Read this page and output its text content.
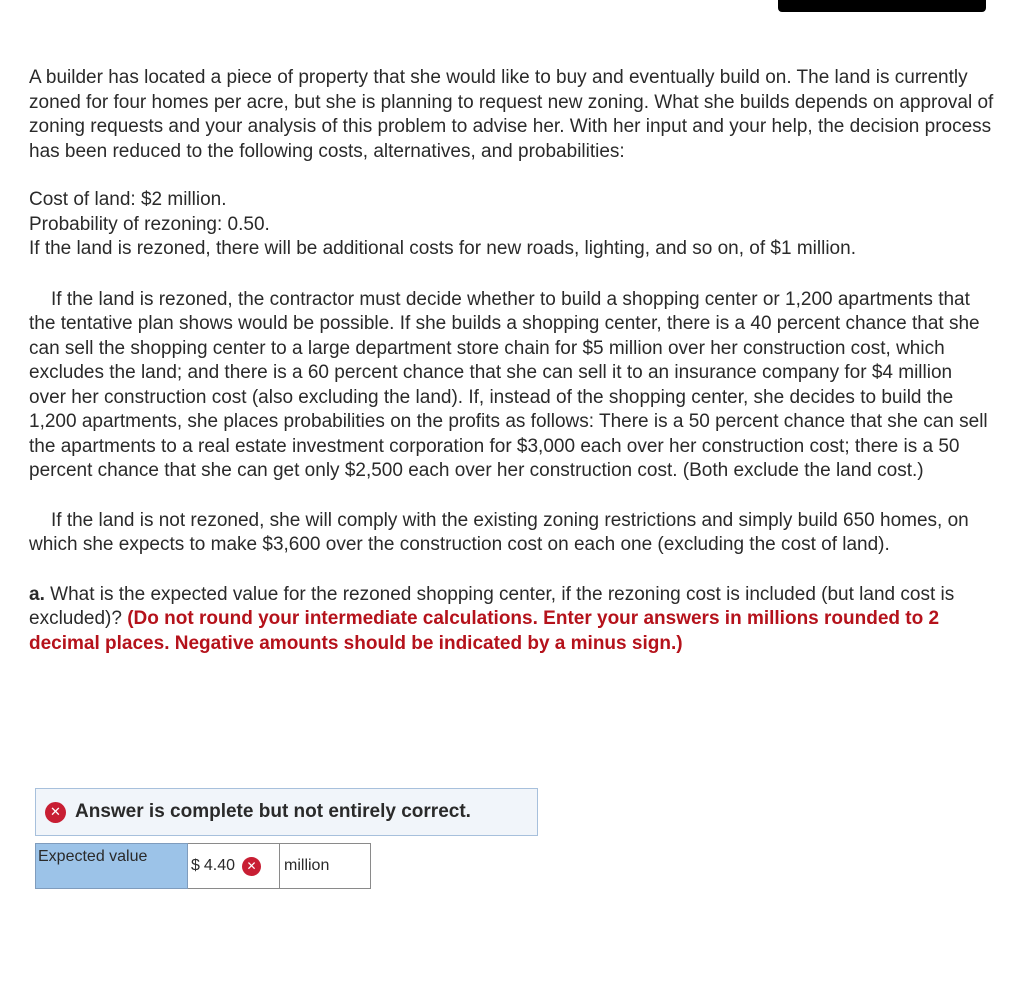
A builder has located a piece of property that she would like to buy and eventually build on. The land is currently zoned for four homes per acre, but she is planning to request new zoning. What she builds depends on approval of zoning requests and your analysis of this problem to advise her. With her input and your help, the decision process has been reduced to the following costs, alternatives, and probabilities:

Cost of land: $2 million.

Probability of rezoning: 0.50.

If the land is rezoned, there will be additional costs for new roads, lighting, and so on, of $1 million.

If the land is rezoned, the contractor must decide whether to build a shopping center or 1,200 apartments that the tentative plan shows would be possible. If she builds a shopping center, there is a 40 percent chance that she can sell the shopping center to a large department store chain for $5 million over her construction cost, which excludes the land; and there is a 60 percent chance that she can sell it to an insurance company for $4 million over her construction cost (also excluding the land). If, instead of the shopping center, she decides to build the 1,200 apartments, she places probabilities on the profits as follows: There is a 50 percent chance that she can sell the apartments to a real estate investment corporation for $3,000 each over her construction cost; there is a 50 percent chance that she can get only $2,500 each over her construction cost. (Both exclude the land cost.)

If the land is not rezoned, she will comply with the existing zoning restrictions and simply build 650 homes, on which she expects to make $3,600 over the construction cost on each one (excluding the cost of land).

a. What is the expected value for the rezoned shopping center, if the rezoning cost is included (but land cost is excluded)? (Do not round your intermediate calculations. Enter your answers in millions rounded to 2 decimal places. Negative amounts should be indicated by a minus sign.)

✕ Answer is complete but not entirely correct.
Expected value
$ 4.40 ✕ million
